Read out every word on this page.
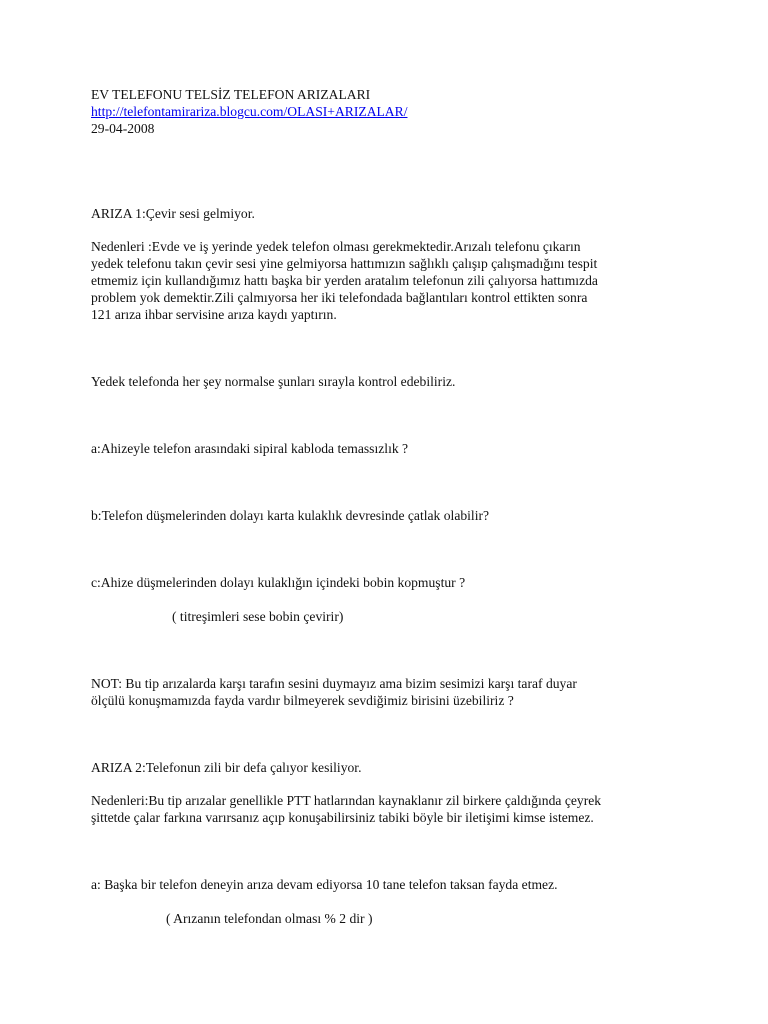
EV TELEFONU TELSİZ TELEFON ARIZALARI

http://telefontamirariza.blogcu.com/OLASI+ARIZALAR/

29-04-2008

ARIZA 1:Çevir sesi gelmiyor.

Nedenleri :Evde ve iş yerinde yedek telefon olması gerekmektedir.Arızalı telefonu çıkarın

yedek telefonu takın çevir sesi yine gelmiyorsa hattımızın sağlıklı çalışıp çalışmadığını tespit

etmemiz için kullandığımız hattı başka bir yerden aratalım telefonun zili çalıyorsa hattımızda

problem yok demektir.Zili çalmıyorsa her iki telefondada bağlantıları kontrol ettikten sonra

121 arıza ihbar servisine arıza kaydı yaptırın.

Yedek telefonda her şey normalse şunları sırayla kontrol edebiliriz.

a:Ahizeyle telefon arasındaki sipiral kabloda temassızlık ?

b:Telefon düşmelerinden dolayı karta kulaklık devresinde çatlak olabilir?

c:Ahize düşmelerinden dolayı kulaklığın içindeki bobin kopmuştur ?

( titreşimleri sese bobin çevirir)

NOT: Bu tip arızalarda karşı tarafın sesini duymayız ama bizim sesimizi karşı taraf duyar

ölçülü konuşmamızda fayda vardır bilmeyerek sevdiğimiz birisini üzebiliriz ?

ARIZA 2:Telefonun zili bir defa çalıyor kesiliyor.

Nedenleri:Bu tip arızalar genellikle PTT hatlarından kaynaklanır zil birkere çaldığında çeyrek

şittetde çalar farkına varırsanız açıp konuşabilirsiniz tabiki böyle bir iletişimi kimse istemez.

a: Başka bir telefon deneyin arıza devam ediyorsa 10 tane telefon taksan fayda etmez.

( Arızanın telefondan olması % 2 dir )
